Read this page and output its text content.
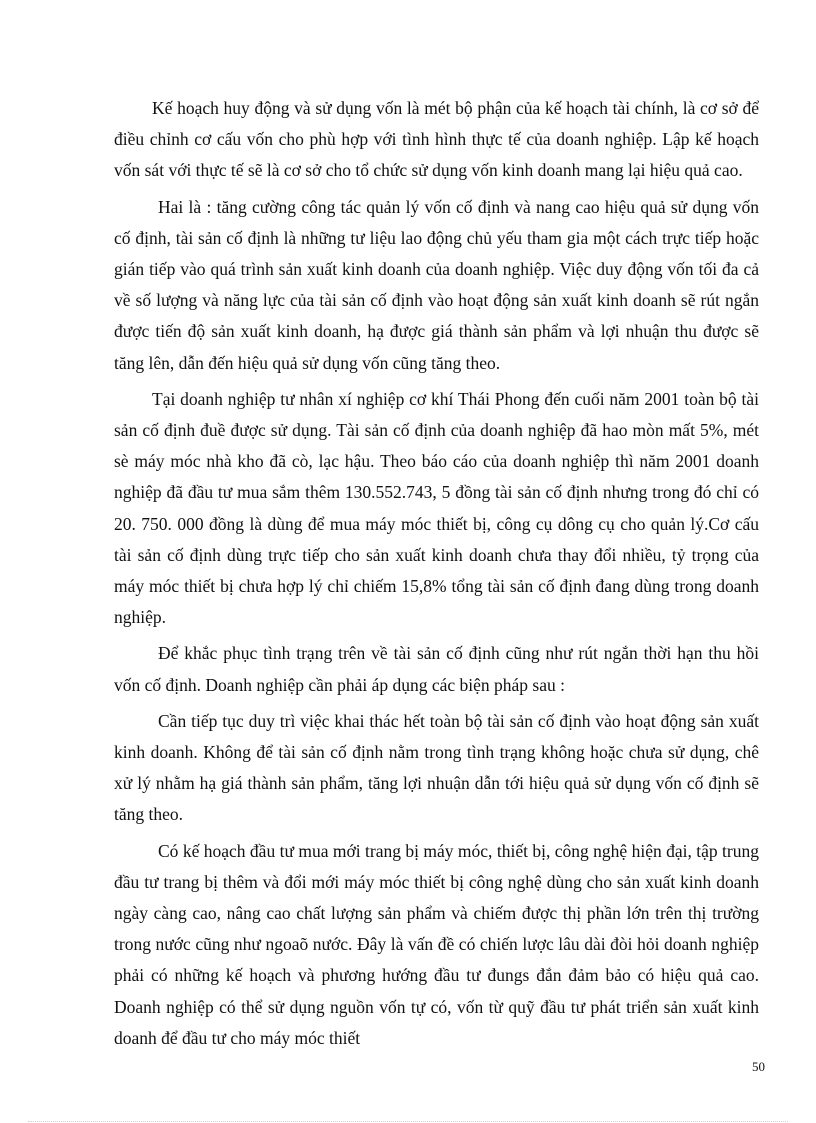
Kế hoạch huy động và sử dụng vốn là mét bộ phận của kế hoạch tài chính, là cơ sở để điều chỉnh cơ cấu vốn cho phù hợp với tình hình thực tế của doanh nghiệp. Lập kế hoạch vốn sát với thực tế sẽ là cơ sở cho tổ chức sử dụng vốn kinh doanh mang lại hiệu quả cao.

Hai là : tăng cường công tác quản lý vốn cố định và nang cao hiệu quả sử dụng vốn cố định, tài sản cố định là những tư liệu lao động chủ yếu tham gia một cách trực tiếp hoặc gián tiếp vào quá trình sản xuất kinh doanh của doanh nghiệp. Việc duy động vốn tối đa cả về số lượng và năng lực của tài sản cố định vào hoạt động sản xuất kinh doanh sẽ rút ngắn được tiến độ sản xuất kinh doanh, hạ được giá thành sản phẩm và lợi nhuận thu được sẽ tăng lên, dẫn đến hiệu quả sử dụng vốn cũng tăng theo.

Tại doanh nghiệp tư nhân xí nghiệp cơ khí Thái Phong đến cuối năm 2001 toàn bộ tài sản cố định đuề được sử dụng. Tài sản cố định của doanh nghiệp đã hao mòn mất 5%, mét sè máy móc nhà kho đã cò, lạc hậu. Theo báo cáo của doanh nghiệp thì năm 2001 doanh nghiệp đã đầu tư mua sắm thêm 130.552.743, 5 đồng tài sản cố định nhưng trong đó chỉ có 20. 750. 000 đồng là dùng để mua máy móc thiết bị, công cụ dông cụ cho quản lý.Cơ cấu tài sản cố định dùng trực tiếp cho sản xuất kinh doanh chưa thay đổi nhiều, tỷ trọng của máy móc thiết bị chưa hợp lý chỉ chiếm 15,8% tổng tài sản cố định đang dùng trong doanh nghiệp.

Để khắc phục tình trạng trên về tài sản cố định cũng như rút ngắn thời hạn thu hồi vốn cố định. Doanh nghiệp cần phải áp dụng các biện pháp sau :

Cần tiếp tục duy trì việc khai thác hết toàn bộ tài sản cố định vào hoạt động sản xuất kinh doanh. Không để tài sản cố định nằm trong tình trạng không hoặc chưa sử dụng, chê xử lý nhằm hạ giá thành sản phẩm, tăng lợi nhuận dẫn tới hiệu quả sử dụng vốn cố định sẽ tăng theo.

Có kế hoạch đầu tư mua mới trang bị máy móc, thiết bị, công nghệ hiện đại, tập trung đầu tư trang bị thêm và đổi mới máy móc thiết bị công nghệ dùng cho sản xuất kinh doanh ngày càng cao, nâng cao chất lượng sản phẩm và chiếm được thị phần lớn trên thị trường trong nước cũng như ngoaõ nước. Đây là vấn đề có chiến lược lâu dài đòi hỏi doanh nghiệp phải có những kế hoạch và phương hướng đầu tư đungs đắn đảm bảo có hiệu quả cao. Doanh nghiệp có thể sử dụng nguồn vốn tự có, vốn từ quỹ đầu tư phát triển sản xuất kinh doanh để đầu tư cho máy móc thiết

50
